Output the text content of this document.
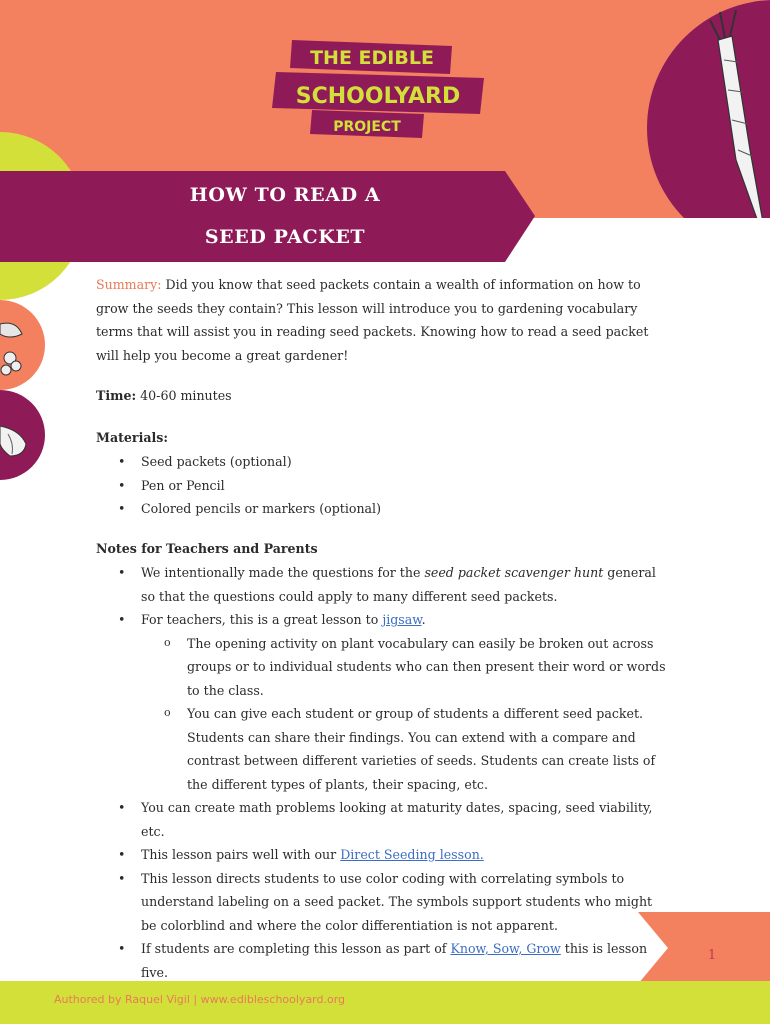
THE EDIBLE
SCHOOLYARD
PROJECT
HOW TO READ A
SEED PACKET
Summary: Did you know that seed packets contain a wealth of information on how to grow the seeds they contain? This lesson will introduce you to gardening vocabulary terms that will assist you in reading seed packets. Knowing how to read a seed packet will help you become a great gardener!
Time: 40-60 minutes
Materials:
• Seed packets (optional)
• Pen or Pencil
• Colored pencils or markers (optional)
Notes for Teachers and Parents
• We intentionally made the questions for the seed packet scavenger hunt general so that the questions could apply to many different seed packets.
• For teachers, this is a great lesson to jigsaw.
o The opening activity on plant vocabulary can easily be broken out across groups or to individual students who can then present their word or words to the class.
o You can give each student or group of students a different seed packet. Students can share their findings. You can extend with a compare and contrast between different varieties of seeds. Students can create lists of the different types of plants, their spacing, etc.
• You can create math problems looking at maturity dates, spacing, seed viability, etc.
• This lesson pairs well with our Direct Seeding lesson.
• This lesson directs students to use color coding with correlating symbols to understand labeling on a seed packet. The symbols support students who might be colorblind and where the color differentiation is not apparent.
• If students are completing this lesson as part of Know, Sow, Grow this is lesson five.
1
Authored by Raquel Vigil | www.edibleschoolyard.org
